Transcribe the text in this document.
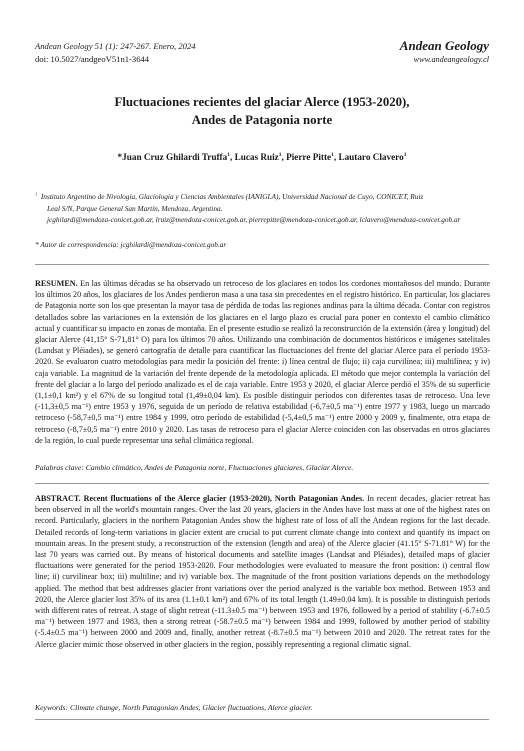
Andean Geology 51 (1): 247-267. Enero, 2024
doi: 10.5027/andgeoV51n1-3644
Andean Geology
www.andeangeology.cl
Fluctuaciones recientes del glaciar Alerce (1953-2020),
Andes de Patagonia norte
*Juan Cruz Ghilardi Truffa$^1$, Lucas Ruiz$^1$, Pierre Pitte$^1$, Lautaro Clavero$^1$
$^1$ Instituto Argentino de Nivología, Glaciología y Ciencias Ambientales (IANIGLA), Universidad Nacional de Cuyo, CONICET, Ruiz
Leal S/N, Parque General San Martín, Mendoza, Argentina.
jcghilardi@mendoza-conicet.gob.ar, lruiz@mendoza-conicet.gob.ar, pierrepitte@mendoza-conicet.gob.ar, lclavero@mendoza-conicet.gob.ar
* Autor de correspondencia: jcghilardi@mendoza-conicet.gob.ar
RESUMEN. En las últimas décadas se ha observado un retroceso de los glaciares en todos los cordones montañosos del mundo. Durante los últimos 20 años, los glaciares de los Andes perdieron masa a una tasa sin precedentes en el registro histórico. En particular, los glaciares de Patagonia norte son los que presentan la mayor tasa de pérdida de todas las regiones andinas para la última década. Contar con registros detallados sobre las variaciones en la extensión de los glaciares en el largo plazo es crucial para poner en contexto el cambio climático actual y cuantificar su impacto en zonas de montaña. En el presente estudio se realizó la reconstrucción de la extensión (área y longitud) del glaciar Alerce (41,15° S-71,81° O) para los últimos 70 años. Utilizando una combinación de documentos históricos e imágenes satelitales (Landsat y Pléiades), se generó cartografía de detalle para cuantificar las fluctuaciones del frente del glaciar Alerce para el período 1953-2020. Se evaluaron cuatro metodologías para medir la posición del frente: i) línea central de flujo; ii) caja curvilínea; iii) multilínea; y iv) caja variable. La magnitud de la variación del frente depende de la metodología aplicada. El método que mejor contempla la variación del frente del glaciar a lo largo del período analizado es el de caja variable. Entre 1953 y 2020, el glaciar Alerce perdió el 35% de su superficie (1,1±0,1 km²) y el 67% de su longitud total (1,49±0,04 km). Es posible distinguir períodos con diferentes tasas de retroceso. Una leve (-11,3±0,5 ma⁻¹) entre 1953 y 1976, seguida de un período de relativa estabilidad (-6,7±0,5 ma⁻¹) entre 1977 y 1983, luego un marcado retroceso (-58,7±0,5 ma⁻¹) entre 1984 y 1999, otro período de estabilidad (-5,4±0,5 ma⁻¹) entre 2000 y 2009 y, finalmente, otra etapa de retroceso (-8,7±0,5 ma⁻¹) entre 2010 y 2020. Las tasas de retroceso para el glaciar Alerce coinciden con las observadas en otros glaciares de la región, lo cual puede representar una señal climática regional.
Palabras clave: Cambio climático, Andes de Patagonia norte, Fluctuaciones glaciares, Glaciar Alerce.
ABSTRACT. Recent fluctuations of the Alerce glacier (1953-2020), North Patagonian Andes. In recent decades, glacier retreat has been observed in all the world's mountain ranges. Over the last 20 years, glaciers in the Andes have lost mass at one of the highest rates on record. Particularly, glaciers in the northern Patagonian Andes show the highest rate of loss of all the Andean regions for the last decade. Detailed records of long-term variations in glacier extent are crucial to put current climate change into context and quantify its impact on mountain areas. In the present study, a reconstruction of the extension (length and area) of the Alerce glacier (41.15° S-71.81° W) for the last 70 years was carried out. By means of historical documents and satellite images (Landsat and Pléiades), detailed maps of glacier fluctuations were generated for the period 1953-2020. Four methodologies were evaluated to measure the front position: i) central flow line; ii) curvilinear box; iii) multiline; and iv) variable box. The magnitude of the front position variations depends on the methodology applied. The method that best addresses glacier front variations over the period analyzed is the variable box method. Between 1953 and 2020, the Alerce glacier lost 35% of its area (1.1±0.1 km²) and 67% of its total length (1.49±0.04 km). It is possible to distinguish periods with different rates of retreat. A stage of slight retreat (-11.3±0.5 ma⁻¹) between 1953 and 1976, followed by a period of stability (-6.7±0.5 ma⁻¹) between 1977 and 1983, then a strong retreat (-58.7±0.5 ma⁻¹) between 1984 and 1999, followed by another period of stability (-5.4±0.5 ma⁻¹) between 2000 and 2009 and, finally, another retreat (-8.7±0.5 ma⁻¹) between 2010 and 2020. The retreat rates for the Alerce glacier mimic those observed in other glaciers in the region, possibly representing a regional climatic signal.
Keywords: Climate change, North Patagonian Andes, Glacier fluctuations, Alerce glacier.
